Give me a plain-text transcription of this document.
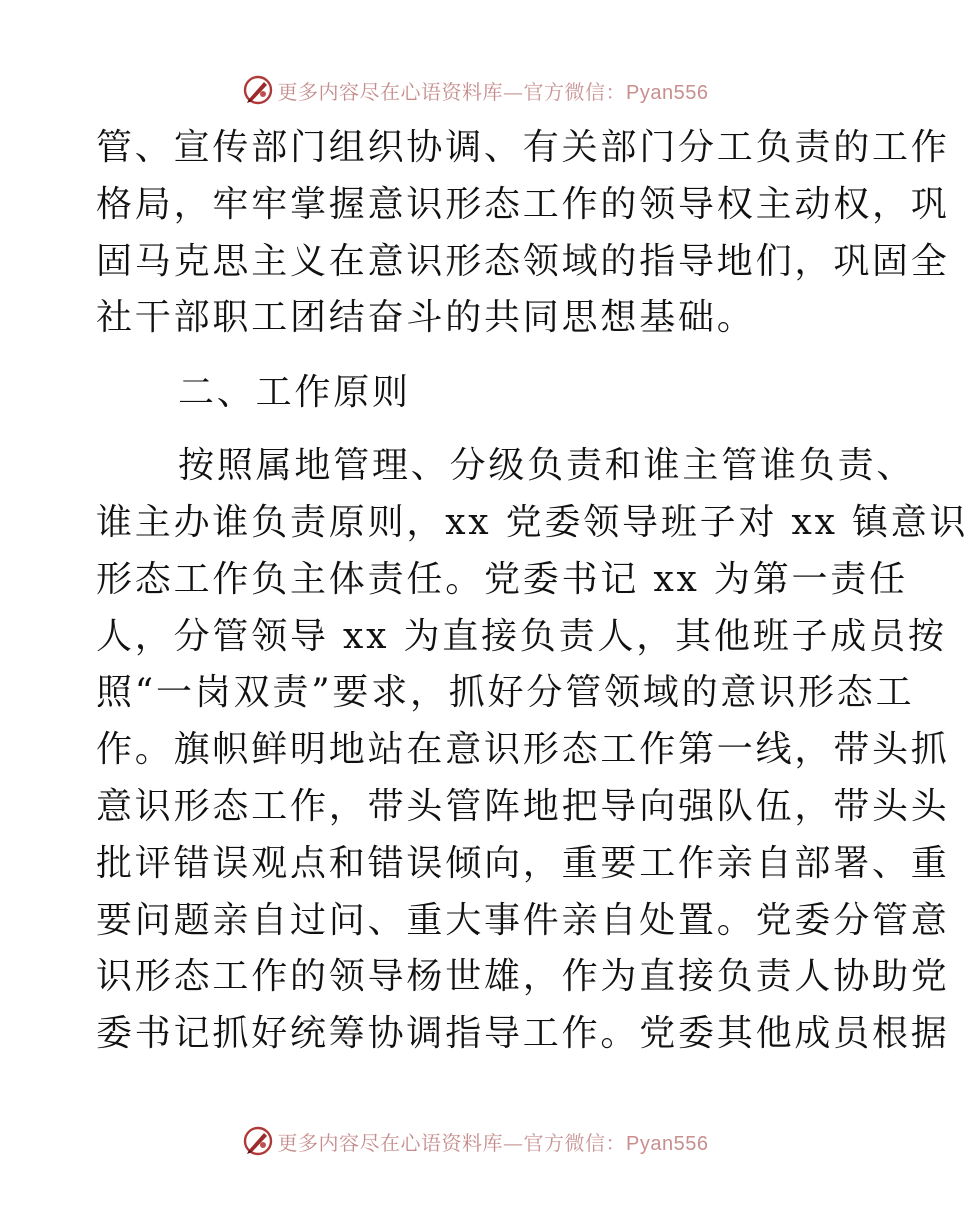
更多内容尽在心语资料库—官方微信：Pyan556
管、宣传部门组织协调、有关部门分工负责的工作
格局，牢牢掌握意识形态工作的领导权主动权，巩
固马克思主义在意识形态领域的指导地们，巩固全
社干部职工团结奋斗的共同思想基础。
二、工作原则
按照属地管理、分级负责和谁主管谁负责、
谁主办谁负责原则，xx 党委领导班子对 xx 镇意识
形态工作负主体责任。党委书记 xx 为第一责任
人，分管领导 xx 为直接负责人，其他班子成员按
照“一岗双责”要求，抓好分管领域的意识形态工
作。旗帜鲜明地站在意识形态工作第一线，带头抓
意识形态工作，带头管阵地把导向强队伍，带头头
批评错误观点和错误倾向，重要工作亲自部署、重
要问题亲自过问、重大事件亲自处置。党委分管意
识形态工作的领导杨世雄，作为直接负责人协助党
委书记抓好统筹协调指导工作。党委其他成员根据
更多内容尽在心语资料库—官方微信：Pyan556
